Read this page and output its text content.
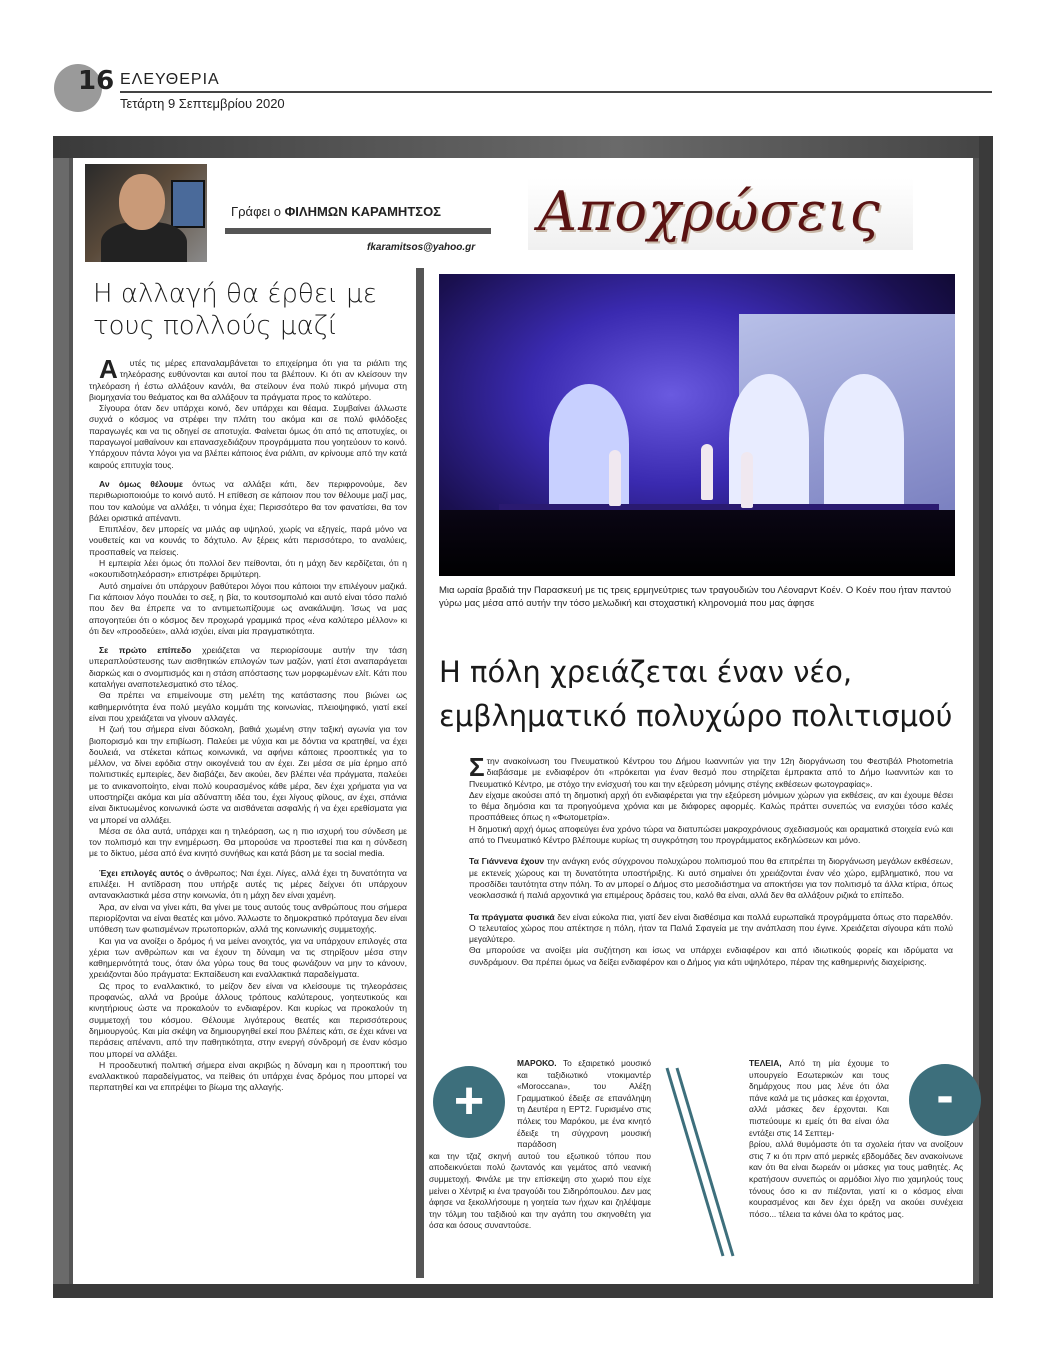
16 ΕΛΕΥΘΕΡΙΑ
Τετάρτη 9 Σεπτεμβρίου 2020
Γράφει ο ΦΙΛΗΜΩΝ ΚΑΡΑΜΗΤΣΟΣ
fkaramitsos@yahoo.gr
Αποχρώσεις
Η αλλαγή θα έρθει με τους πολλούς μαζί

Α υτές τις μέρες επαναλαμβάνεται το επιχείρημα ότι για τα ριάλιτι της τηλεόρασης ευθύνονται και αυτοί που τα βλέπουν. Κι ότι αν κλείσουν την τηλεόραση ή έστω αλλάξουν κανάλι, θα στείλουν ένα πολύ πικρό μήνυμα στη βιομηχανία του θεάματος και θα αλλάξουν τα πράγματα προς το καλύτερο.

Σίγουρα όταν δεν υπάρχει κοινό, δεν υπάρχει και θέαμα. Συμβαίνει άλλωστε συχνά ο κόσμος να στρέφει την πλάτη του ακόμα και σε πολύ φιλόδοξες παραγωγές και να τις οδηγεί σε αποτυχία. Φαίνεται όμως ότι από τις αποτυχίες, οι παραγωγοί μαθαίνουν και επανασχεδιάζουν προγράμματα που γοητεύουν το κοινό. Υπάρχουν πάντα λόγοι για να βλέπει κάποιος ένα ριάλιτι, αν κρίνουμε από την κατά καιρούς επιτυχία τους.

Αν όμως θέλουμε όντως να αλλάξει κάτι, δεν περιφρονούμε, δεν περιθωριοποιούμε το κοινό αυτό. Η επίθεση σε κάποιον που τον θέλουμε μαζί μας, που τον καλούμε να αλλάξει, τι νόημα έχει; Περισσότερο θα τον φανατίσει, θα τον βάλει οριστικά απέναντι.

Επιπλέον, δεν μπορείς να μιλάς αφ υψηλού, χωρίς να εξηγείς, παρά μόνο να νουθετείς και να κουνάς το δάχτυλο. Αν ξέρεις κάτι περισσότερο, το αναλύεις, προσπαθείς να πείσεις.

Η εμπειρία λέει όμως ότι πολλοί δεν πείθονται, ότι η μάχη δεν κερδίζεται, ότι η «οκουπιδοτηλεόραση» επιστρέφει δριμύτερη.

Αυτό σημαίνει ότι υπάρχουν βαθύτεροι λόγοι που κάποιοι την επιλέγουν μαζικά. Για κάποιον λόγο πουλάει το σεξ, η βία, το κουτσομπολιό και αυτό είναι τόσο παλιό που δεν θα έπρεπε να το αντιμετωπίζουμε ως ανακάλυψη. Ίσως να μας απογοητεύει ότι ο κόσμος δεν προχωρά γραμμικά προς «ένα καλύτερο μέλλον» κι ότι δεν «προοδεύει», αλλά ισχύει, είναι μία πραγματικότητα.

Σε πρώτο επίπεδο χρειάζεται να περιορίσουμε αυτήν την τάση υπεραπλούστευσης των αισθητικών επιλογών των μαζών, γιατί έτσι αναπαράγεται διαρκώς και ο σνομπισμός και η στάση απόστασης των μορφωμένων ελίτ. Κάτι που καταλήγει αναποτελεσματικό στο τέλος.

Θα πρέπει να επιμείνουμε στη μελέτη της κατάστασης που βιώνει ως καθημερινότητα ένα πολύ μεγάλο κομμάτι της κοινωνίας, πλειοψηφικό, γιατί εκεί είναι που χρειάζεται να γίνουν αλλαγές.

Η ζωή του σήμερα είναι δύσκολη, βαθιά χωμένη στην ταξική αγωνία για τον βιοπορισμό και την επιβίωση. Παλεύει με νύχια και με δόντια να κρατηθεί, να έχει δουλειά, να στέκεται κάπως κοινωνικά, να αφήνει κάποιες προοπτικές για το μέλλον, να δίνει εφόδια στην οικογένειά του αν έχει. Ζει μέσα σε μία έρημο από πολιτιστικές εμπειρίες, δεν διαβάζει, δεν ακούει, δεν βλέπει νέα πράγματα, παλεύει με το ανικανοποίητο, είναι πολύ κουρασμένος κάθε μέρα, δεν έχει χρήματα για να υποστηρίζει ακόμα και μία αδύναπτη ιδέα του, έχει λίγους φίλους, αν έχει, σπάνια είναι δικτυωμένος κοινωνικά ώστε να αισθάνεται ασφαλής ή να έχει ερεθίσματα για να μπορεί να αλλάξει.

Μέσα σε όλα αυτά, υπάρχει και η τηλεόραση, ως η πιο ισχυρή του σύνδεση με τον πολιτισμό και την ενημέρωση. Θα μπορούσε να προστεθεί πια και η σύνδεση με το δίκτυο, μέσα από ένα κινητό συνήθως και κατά βάση με τα social media.

Έχει επιλογές αυτός ο άνθρωπος; Ναι έχει. Λίγες, αλλά έχει τη δυνατότητα να επιλέξει. Η αντίδραση που υπήρξε αυτές τις μέρες δείχνει ότι υπάρχουν αντανακλαστικά μέσα στην κοινωνία, ότι η μάχη δεν είναι χαμένη.

Άρα, αν είναι να γίνει κάτι, θα γίνει με τους αυτούς τους ανθρώπους που σήμερα περιορίζονται να είναι θεατές και μόνο. Άλλωστε το δημοκρατικό πρόταγμα δεν είναι υπόθεση των φωτισμένων πρωτοποριών, αλλά της κοινωνικής συμμετοχής.

Και για να ανοίξει ο δρόμος ή να μείνει ανοιχτός, για να υπάρχουν επιλογές στα χέρια των ανθρώπων και να έχουν τη δύναμη να τις στηρίξουν μέσα στην καθημερινότητά τους, όταν όλα γύρω τους θα τους φωνάζουν να μην το κάνουν, χρειάζονται δύο πράγματα: Εκπαίδευση και εναλλακτικά παραδείγματα.

Ως προς το εναλλακτικό, το μείζον δεν είναι να κλείσουμε τις τηλεοράσεις προφανώς, αλλά να βρούμε άλλους τρόπους καλύτερους, γοητευτικούς και κινητήριους ώστε να προκαλούν το ενδιαφέρον. Και κυρίως να προκαλούν τη συμμετοχή του κόσμου. Θέλουμε λιγότερους θεατές και περισσότερους δημιουργούς. Και μία σκέψη να δημιουργηθεί εκεί που βλέπεις κάτι, σε έχει κάνει να περάσεις απέναντι, από την παθητικότητα, στην ενεργή σύνδρομή σε έναν κόσμο που μπορεί να αλλάξει.

Η προοδευτική πολιτική σήμερα είναι ακριβώς η δύναμη και η προοπτική του εναλλακτικού παραδείγματος, να πείθεις ότι υπάρχει ένας δρόμος που μπορεί να περπατηθεί και να επιτρέψει το βίωμα της αλλαγής.

Μια ωραία βραδιά την Παρασκευή με τις τρεις ερμηνεύτριες των τραγουδιών του Λέοναρντ Κοέν. Ο Κοέν που ήταν παντού γύρω μας μέσα από αυτήν την τόσο μελωδική και στοχαστική κληρονομιά που μας άφησε
Η πόλη χρειάζεται έναν νέο, εμβληματικό πολυχώρο πολιτισμού

Στην ανακοίνωση του Πνευματικού Κέντρου του Δήμου Ιωαννιτών για την 12η διοργάνωση του Φεστιβάλ Photometria διαβάσαμε με ενδιαφέρον ότι «πρόκειται για έναν θεσμό που στηρίζεται έμπρακτα από το Δήμο Ιωαννιτών και το Πνευματικό Κέντρο, με στόχο την ενίσχυσή του και την εξεύρεση μόνιμης στέγης εκθέσεων φωτογραφίας».

Δεν είχαμε ακούσει από τη δημοτική αρχή ότι ενδιαφέρεται για την εξεύρεση μόνιμων χώρων για εκθέσεις, αν και έχουμε θέσει το θέμα δημόσια και τα προηγούμενα χρόνια και με διάφορες αφορμές. Καλώς πράττει συνεπώς να ενισχύει τόσο καλές προσπάθειες όπως η «Φωτομετρία».

Η δημοτική αρχή όμως αποφεύγει ένα χρόνο τώρα να διατυπώσει μακροχρόνιους σχεδιασμούς και οραματικά στοιχεία ενώ και από το Πνευματικό Κέντρο βλέπουμε κυρίως τη συγκρότηση του προγράμματος εκδηλώσεων και μόνο.

Τα Γιάννενα έχουν την ανάγκη ενός σύγχρονου πολυχώρου πολιτισμού που θα επιτρέπει τη διοργάνωση μεγάλων εκθέσεων, με εκτενείς χώρους και τη δυνατότητα υποστήριξης. Κι αυτό σημαίνει ότι χρειάζονται έναν νέο χώρο, εμβληματικό, που να προσδίδει ταυτότητα στην πόλη. Το αν μπορεί ο Δήμος στο μεσοδιάστημα να αποκτήσει για τον πολιτισμό τα άλλα κτίρια, όπως νεοκλασσικά ή παλιά αρχοντικά για επιμέρους δράσεις του, καλό θα είναι, αλλά δεν θα αλλάξουν ριζικά το επίπεδο.

Τα πράγματα φυσικά δεν είναι εύκολα πια, γιατί δεν είναι διαθέσιμα και πολλά ευρωπαϊκά προγράμματα όπως στο παρελθόν. Ο τελευταίος χώρος που απέκτησε η πόλη, ήταν τα Παλιά Σφαγεία με την ανάπλαση που έγινε. Χρειάζεται σίγουρα κάτι πολύ μεγαλύτερο.

Θα μπορούσε να ανοίξει μία συζήτηση και ίσως να υπάρχει ενδιαφέρον και από ιδιωτικούς φορείς και ιδρύματα να συνδράμουν. Θα πρέπει όμως να δείξει ενδιαφέρον και ο Δήμος για κάτι υψηλότερο, πέραν της καθημερινής διαχείρισης.

+
ΜΑΡΟΚΟ. Το εξαιρετικό μουσικό και ταξιδιωτικό ντοκιμαντέρ «Moroccana», του Αλέξη Γραμματικού έδειξε σε επανάληψη τη Δευτέρα η ΕΡΤ2. Γυρισμένο στις πόλεις του Μαρόκου, με ένα κινητό έδειξε τη σύγχρονη μουσική παράδοση
και την τζαζ σκηνή αυτού του εξωτικού τόπου που αποδεικνύεται πολύ ζωντανός και γεμάτος από νεανική συμμετοχή. Φινάλε με την επίσκεψη στο χωριό που είχε μείνει ο Χέντριξ κι ένα τραγούδι του Σιδηρόπουλου. Δεν μας άφησε να ξεκολλήσουμε η γοητεία των ήχων και ζηλέψαμε την τόλμη του ταξιδιού και την αγάπη του σκηνοθέτη για όσα και όσους συναντούσε.
-
ΤΕΛΕΙΑ, Από τη μία έχουμε το υπουργείο Εσωτερικών και τους δημάρχους που μας λένε ότι όλα πάνε καλά με τις μάσκες και έρχονται, αλλά μάσκες δεν έρχονται. Και πιστεύουμε κι εμείς ότι θα είναι όλα εντάξει στις 14 Σεπτεμ-
βρίου, αλλά θυμόμαστε ότι τα σχολεία ήταν να ανοίξουν στις 7 κι ότι πριν από μερικές εβδομάδες δεν ανακοίνωνε καν ότι θα είναι δωρεάν οι μάσκες για τους μαθητές. Ας κρατήσουν συνεπώς οι αρμόδιοι λίγο πιο χαμηλούς τους τόνους όσο κι αν πιέζονται, γιατί κι ο κόσμος είναι κουρασμένος και δεν έχει όρεξη να ακούει συνέχεια πόσο... τέλεια τα κάνει όλα το κράτος μας.
